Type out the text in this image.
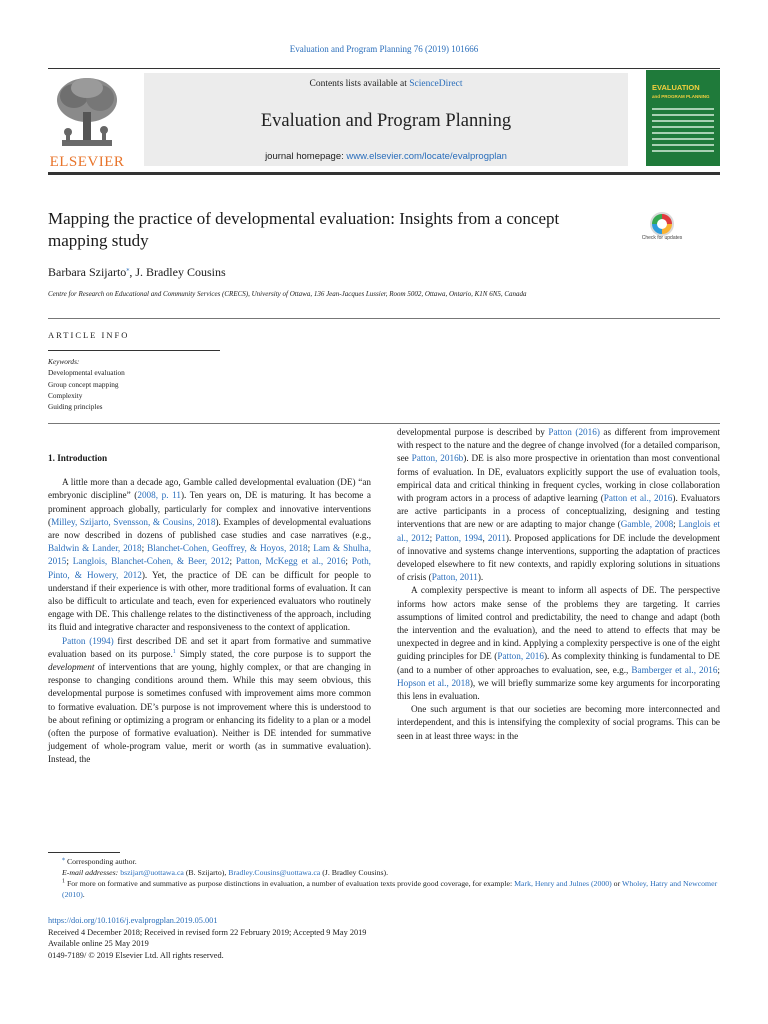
Evaluation and Program Planning 76 (2019) 101666
ELSEVIER
Contents lists available at ScienceDirect
Evaluation and Program Planning
journal homepage: www.elsevier.com/locate/evalprogplan
EVALUATION
and PROGRAM PLANNING
Mapping the practice of developmental evaluation: Insights from a concept mapping study	Check for updates
Barbara Szijarto⁎, J. Bradley Cousins
Centre for Research on Educational and Community Services (CRECS), University of Ottawa, 136 Jean-Jacques Lussier, Room 5002, Ottawa, Ontario, K1N 6N5, Canada
ARTICLE INFO
Keywords:
Developmental evaluation
Group concept mapping
Complexity
Guiding principles
1. Introduction

A little more than a decade ago, Gamble called developmental evaluation (DE) “an embryonic discipline” (2008, p. 11). Ten years on, DE is maturing. It has become a prominent approach globally, particularly for complex and innovative interventions (Milley, Szijarto, Svensson, & Cousins, 2018). Examples of developmental evaluations are now described in dozens of published case studies and case narratives (e.g., Baldwin & Lander, 2018; Blanchet-Cohen, Geoffrey, & Hoyos, 2018; Lam & Shulha, 2015; Langlois, Blanchet-Cohen, & Beer, 2012; Patton, McKegg et al., 2016; Poth, Pinto, & Howery, 2012). Yet, the practice of DE can be difficult for people to understand if their experience is with other, more traditional forms of evaluation. It can also be difficult to articulate and teach, even for experienced evaluators who routinely engage with DE. This challenge relates to the distinctiveness of the approach, including its fluid and integrative character and responsiveness to the context of application.

Patton (1994) first described DE and set it apart from formative and summative evaluation based on its purpose.$^1$ Simply stated, the core purpose is to support the development of interventions that are young, highly complex, or that are changing in response to changing conditions around them. While this may seem obvious, this developmental purpose is sometimes confused with improvement aims more common to formative evaluation. DE’s purpose is not improvement where this is understood to be about refining or optimizing a program or enhancing its fidelity to a plan or a model (often the purpose of formative evaluation). Neither is DE intended for summative judgement of whole-program value, merit or worth (as in summative evaluation). Instead, the

developmental purpose is described by Patton (2016) as different from improvement with respect to the nature and the degree of change involved (for a detailed comparison, see Patton, 2016b). DE is also more prospective in orientation than most conventional forms of evaluation. In DE, evaluators explicitly support the use of evaluation tools, empirical data and critical thinking in frequent cycles, working in close collaboration with program actors in a process of adaptive learning (Patton et al., 2016). Evaluators are active participants in a process of conceptualizing, designing and testing interventions that are new or are adapting to major change (Gamble, 2008; Langlois et al., 2012; Patton, 1994, 2011). Proposed applications for DE include the development of innovative and systems change interventions, supporting the adaptation of practices developed elsewhere to fit new contexts, and rapidly exploring solutions in situations of crisis (Patton, 2011).

A complexity perspective is meant to inform all aspects of DE. The perspective informs how actors make sense of the problems they are targeting. It carries assumptions of limited control and predictability, the need to change and adapt (both the intervention and the evaluation), and the need to attend to effects that may be unexpected in degree and in kind. Applying a complexity perspective is one of the eight guiding principles for DE (Patton, 2016). As complexity thinking is fundamental to DE (and to a number of other approaches to evaluation, see, e.g., Bamberger et al., 2016; Hopson et al., 2018), we will briefly summarize some key arguments for incorporating this lens in evaluation.

One such argument is that our societies are becoming more interconnected and interdependent, and this is intensifying the complexity of social programs. This can be seen in at least three ways: in the

⁎ Corresponding author.
E-mail addresses: bszijart@uottawa.ca (B. Szijarto), Bradley.Cousins@uottawa.ca (J. Bradley Cousins).
$^1$ For more on formative and summative as purpose distinctions in evaluation, a number of evaluation texts provide good coverage, for example: Mark, Henry and Julnes (2000) or Wholey, Hatry and Newcomer (2010).
https://doi.org/10.1016/j.evalprogplan.2019.05.001
Received 4 December 2018; Received in revised form 22 February 2019; Accepted 9 May 2019
Available online 25 May 2019
0149-7189/ © 2019 Elsevier Ltd. All rights reserved.
